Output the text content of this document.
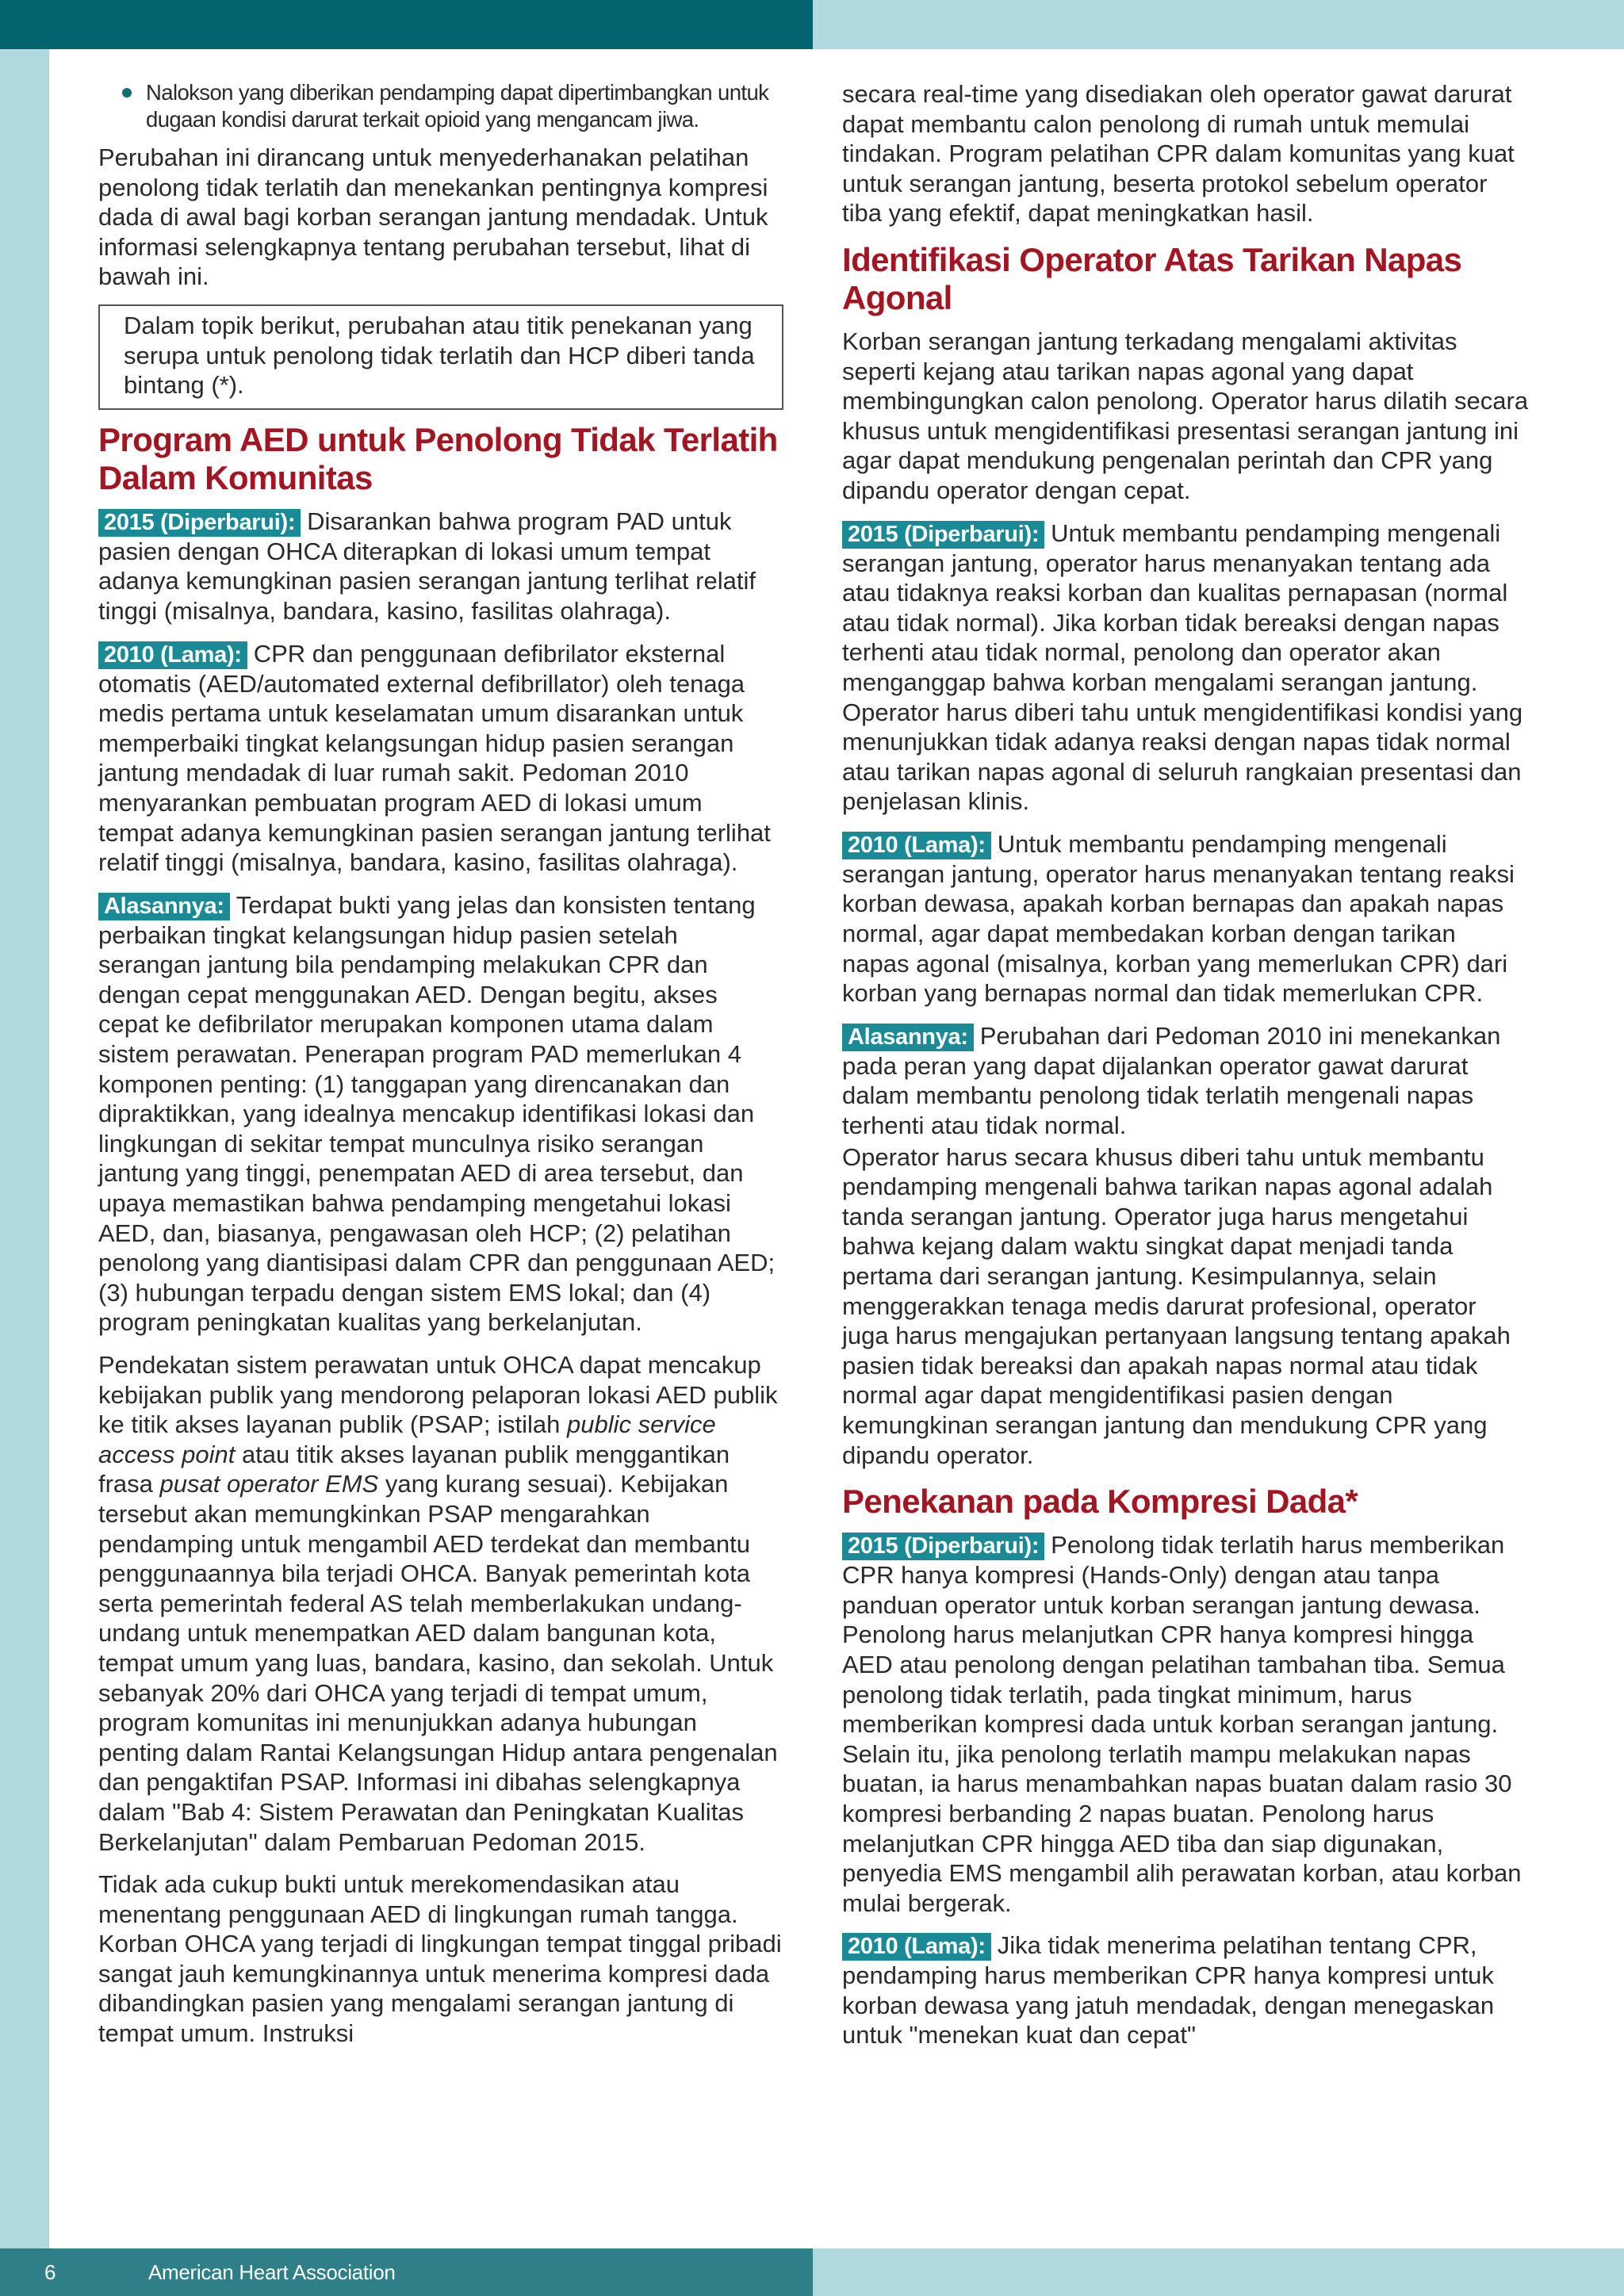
Nalokson yang diberikan pendamping dapat dipertimbangkan untuk dugaan kondisi darurat terkait opioid yang mengancam jiwa.

Perubahan ini dirancang untuk menyederhanakan pelatihan penolong tidak terlatih dan menekankan pentingnya kompresi dada di awal bagi korban serangan jantung mendadak. Untuk informasi selengkapnya tentang perubahan tersebut, lihat di bawah ini.

Dalam topik berikut, perubahan atau titik penekanan yang serupa untuk penolong tidak terlatih dan HCP diberi tanda bintang (*).
Program AED untuk Penolong Tidak Terlatih Dalam Komunitas

2015 (Diperbarui): Disarankan bahwa program PAD untuk pasien dengan OHCA diterapkan di lokasi umum tempat adanya kemungkinan pasien serangan jantung terlihat relatif tinggi (misalnya, bandara, kasino, fasilitas olahraga).

2010 (Lama): CPR dan penggunaan defibrilator eksternal otomatis (AED/automated external defibrillator) oleh tenaga medis pertama untuk keselamatan umum disarankan untuk memperbaiki tingkat kelangsungan hidup pasien serangan jantung mendadak di luar rumah sakit. Pedoman 2010 menyarankan pembuatan program AED di lokasi umum tempat adanya kemungkinan pasien serangan jantung terlihat relatif tinggi (misalnya, bandara, kasino, fasilitas olahraga).

Alasannya: Terdapat bukti yang jelas dan konsisten tentang perbaikan tingkat kelangsungan hidup pasien setelah serangan jantung bila pendamping melakukan CPR dan dengan cepat menggunakan AED. Dengan begitu, akses cepat ke defibrilator merupakan komponen utama dalam sistem perawatan. Penerapan program PAD memerlukan 4 komponen penting: (1) tanggapan yang direncanakan dan dipraktikkan, yang idealnya mencakup identifikasi lokasi dan lingkungan di sekitar tempat munculnya risiko serangan jantung yang tinggi, penempatan AED di area tersebut, dan upaya memastikan bahwa pendamping mengetahui lokasi AED, dan, biasanya, pengawasan oleh HCP; (2) pelatihan penolong yang diantisipasi dalam CPR dan penggunaan AED; (3) hubungan terpadu dengan sistem EMS lokal; dan (4) program peningkatan kualitas yang berkelanjutan.

Pendekatan sistem perawatan untuk OHCA dapat mencakup kebijakan publik yang mendorong pelaporan lokasi AED publik ke titik akses layanan publik (PSAP; istilah public service access point atau titik akses layanan publik menggantikan frasa pusat operator EMS yang kurang sesuai). Kebijakan tersebut akan memungkinkan PSAP mengarahkan pendamping untuk mengambil AED terdekat dan membantu penggunaannya bila terjadi OHCA. Banyak pemerintah kota serta pemerintah federal AS telah memberlakukan undang-undang untuk menempatkan AED dalam bangunan kota, tempat umum yang luas, bandara, kasino, dan sekolah. Untuk sebanyak 20% dari OHCA yang terjadi di tempat umum, program komunitas ini menunjukkan adanya hubungan penting dalam Rantai Kelangsungan Hidup antara pengenalan dan pengaktifan PSAP. Informasi ini dibahas selengkapnya dalam "Bab 4: Sistem Perawatan dan Peningkatan Kualitas Berkelanjutan" dalam Pembaruan Pedoman 2015.

Tidak ada cukup bukti untuk merekomendasikan atau menentang penggunaan AED di lingkungan rumah tangga. Korban OHCA yang terjadi di lingkungan tempat tinggal pribadi sangat jauh kemungkinannya untuk menerima kompresi dada dibandingkan pasien yang mengalami serangan jantung di tempat umum. Instruksi

secara real-time yang disediakan oleh operator gawat darurat dapat membantu calon penolong di rumah untuk memulai tindakan. Program pelatihan CPR dalam komunitas yang kuat untuk serangan jantung, beserta protokol sebelum operator tiba yang efektif, dapat meningkatkan hasil.

Identifikasi Operator Atas Tarikan Napas Agonal

Korban serangan jantung terkadang mengalami aktivitas seperti kejang atau tarikan napas agonal yang dapat membingungkan calon penolong. Operator harus dilatih secara khusus untuk mengidentifikasi presentasi serangan jantung ini agar dapat mendukung pengenalan perintah dan CPR yang dipandu operator dengan cepat.

2015 (Diperbarui): Untuk membantu pendamping mengenali serangan jantung, operator harus menanyakan tentang ada atau tidaknya reaksi korban dan kualitas pernapasan (normal atau tidak normal). Jika korban tidak bereaksi dengan napas terhenti atau tidak normal, penolong dan operator akan menganggap bahwa korban mengalami serangan jantung. Operator harus diberi tahu untuk mengidentifikasi kondisi yang menunjukkan tidak adanya reaksi dengan napas tidak normal atau tarikan napas agonal di seluruh rangkaian presentasi dan penjelasan klinis.

2010 (Lama): Untuk membantu pendamping mengenali serangan jantung, operator harus menanyakan tentang reaksi korban dewasa, apakah korban bernapas dan apakah napas normal, agar dapat membedakan korban dengan tarikan napas agonal (misalnya, korban yang memerlukan CPR) dari korban yang bernapas normal dan tidak memerlukan CPR.

Alasannya: Perubahan dari Pedoman 2010 ini menekankan pada peran yang dapat dijalankan operator gawat darurat dalam membantu penolong tidak terlatih mengenali napas terhenti atau tidak normal.

Operator harus secara khusus diberi tahu untuk membantu pendamping mengenali bahwa tarikan napas agonal adalah tanda serangan jantung. Operator juga harus mengetahui bahwa kejang dalam waktu singkat dapat menjadi tanda pertama dari serangan jantung. Kesimpulannya, selain menggerakkan tenaga medis darurat profesional, operator juga harus mengajukan pertanyaan langsung tentang apakah pasien tidak bereaksi dan apakah napas normal atau tidak normal agar dapat mengidentifikasi pasien dengan kemungkinan serangan jantung dan mendukung CPR yang dipandu operator.

Penekanan pada Kompresi Dada*

2015 (Diperbarui): Penolong tidak terlatih harus memberikan CPR hanya kompresi (Hands-Only) dengan atau tanpa panduan operator untuk korban serangan jantung dewasa. Penolong harus melanjutkan CPR hanya kompresi hingga AED atau penolong dengan pelatihan tambahan tiba. Semua penolong tidak terlatih, pada tingkat minimum, harus memberikan kompresi dada untuk korban serangan jantung. Selain itu, jika penolong terlatih mampu melakukan napas buatan, ia harus menambahkan napas buatan dalam rasio 30 kompresi berbanding 2 napas buatan. Penolong harus melanjutkan CPR hingga AED tiba dan siap digunakan, penyedia EMS mengambil alih perawatan korban, atau korban mulai bergerak.

2010 (Lama): Jika tidak menerima pelatihan tentang CPR, pendamping harus memberikan CPR hanya kompresi untuk korban dewasa yang jatuh mendadak, dengan menegaskan untuk "menekan kuat dan cepat"

6	American Heart Association
